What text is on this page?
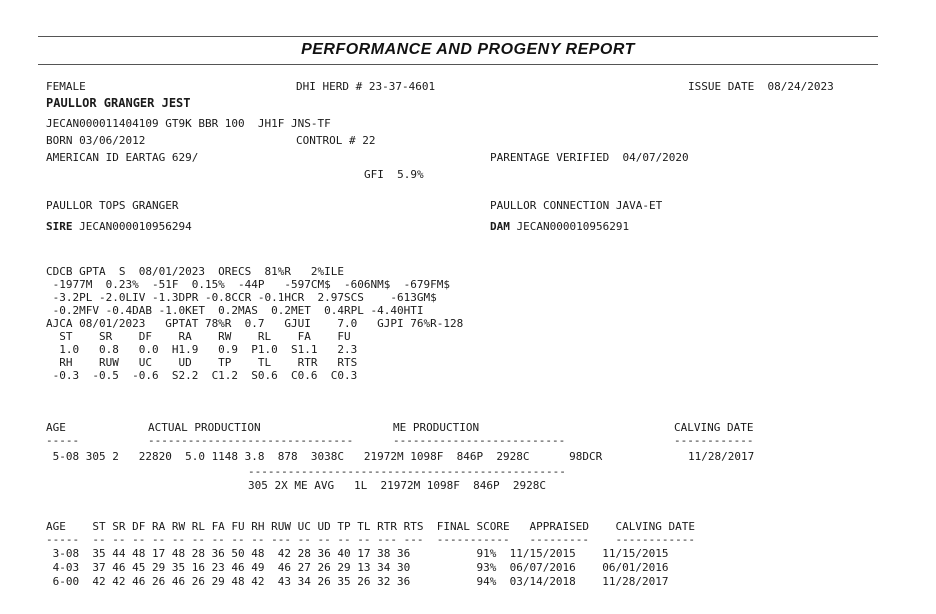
PERFORMANCE AND PROGENY REPORT
FEMALE	DHI HERD # 23-37-4601	ISSUE DATE  08/24/2023
PAULLOR GRANGER JEST
JECAN000011404109 GT9K BBR 100  JH1F JNS-TF
BORN 03/06/2012	CONTROL # 22
AMERICAN ID EARTAG 629/	PARENTAGE VERIFIED  04/07/2020
GFI  5.9%
PAULLOR TOPS GRANGER	PAULLOR CONNECTION JAVA-ET
SIRE JECAN000010956294	DAM JECAN000010956291
CDCB GPTA  S  08/01/2023  ORECS  81%R   2%ILE
-1977M  0.23%  -51F  0.15%  -44P   -597CM$  -606NM$  -679FM$
-3.2PL -2.0LIV -1.3DPR -0.8CCR -0.1HCR  2.97SCS    -613GM$
-0.2MFV -0.4DAB -1.0KET  0.2MAS  0.2MET  0.4RPL -4.40HTI
AJCA 08/01/2023   GPTAT 78%R  0.7   GJUI    7.0   GJPI 76%R-128
ST    SR    DF    RA    RW    RL    FA    FU
1.0   0.8   0.0  H1.9   0.9  P1.0  S1.1   2.3
RH    RUW   UC    UD    TP    TL    RTR   RTS
-0.3  -0.5  -0.6  S2.2  C1.2  S0.6  C0.6  C0.3
AGE	ACTUAL PRODUCTION	ME PRODUCTION	CALVING DATE
-----	-------------------------------	--------------------------	------------
5-08 305 2   22820  5.0 1148 3.8  878  3038C   21972M 1098F  846P  2928C      98DCR	11/28/2017
------------------------------------------------
305 2X ME AVG   1L  21972M 1098F  846P  2928C
AGE    ST SR DF RA RW RL FA FU RH RUW UC UD TP TL RTR RTS  FINAL SCORE   APPRAISED    CALVING DATE
-----  -- -- -- -- -- -- -- -- -- --- -- -- -- -- --- ---  -----------   ---------    ------------
3-08  35 44 48 17 48 28 36 50 48  42 28 36 40 17 38 36          91%  11/15/2015    11/15/2015
4-03  37 46 45 29 35 16 23 46 49  46 27 26 29 13 34 30          93%  06/07/2016    06/01/2016
6-00  42 42 46 26 46 26 29 48 42  43 34 26 35 26 32 36          94%  03/14/2018    11/28/2017
